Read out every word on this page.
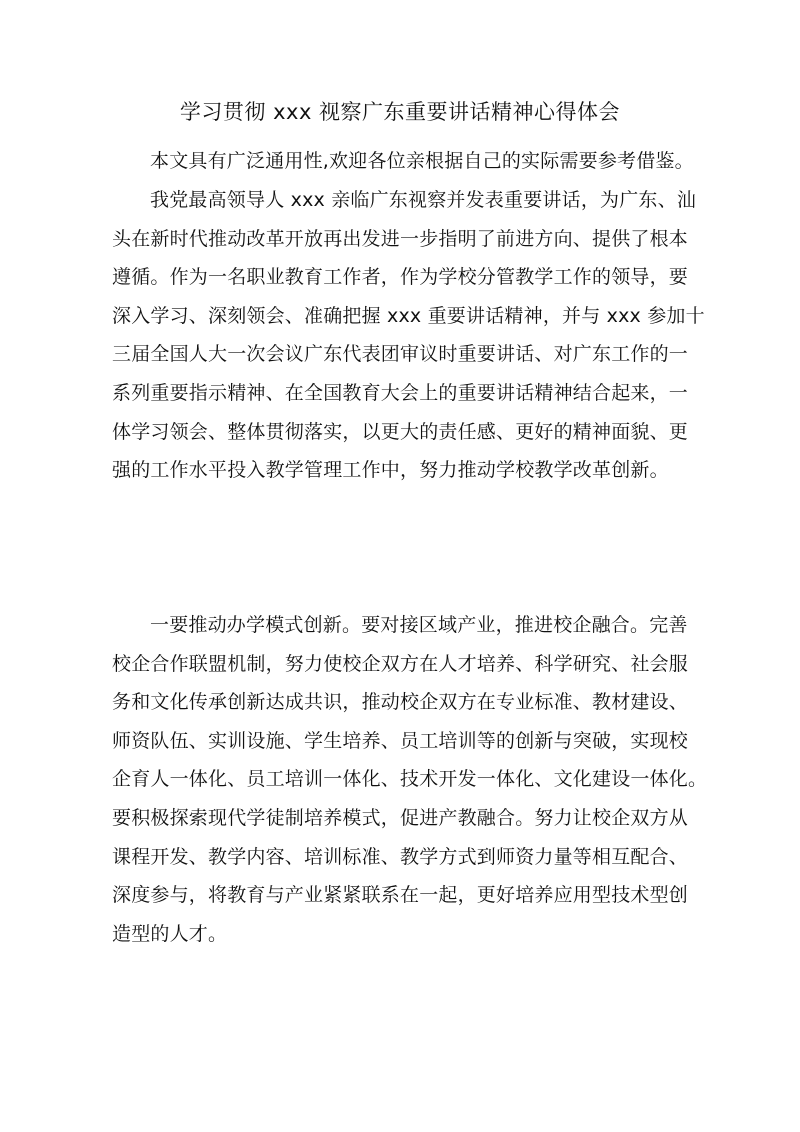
学习贯彻 xxx 视察广东重要讲话精神心得体会

本文具有广泛通用性,欢迎各位亲根据自己的实际需要参考借鉴。

我党最高领导人 xxx 亲临广东视察并发表重要讲话，为广东、汕
头在新时代推动改革开放再出发进一步指明了前进方向、提供了根本
遵循。作为一名职业教育工作者，作为学校分管教学工作的领导，要
深入学习、深刻领会、准确把握 xxx 重要讲话精神，并与 xxx 参加十
三届全国人大一次会议广东代表团审议时重要讲话、对广东工作的一
系列重要指示精神、在全国教育大会上的重要讲话精神结合起来，一
体学习领会、整体贯彻落实，以更大的责任感、更好的精神面貌、更
强的工作水平投入教学管理工作中，努力推动学校教学改革创新。

一要推动办学模式创新。要对接区域产业，推进校企融合。完善
校企合作联盟机制，努力使校企双方在人才培养、科学研究、社会服
务和文化传承创新达成共识，推动校企双方在专业标准、教材建设、
师资队伍、实训设施、学生培养、员工培训等的创新与突破，实现校
企育人一体化、员工培训一体化、技术开发一体化、文化建设一体化。
要积极探索现代学徒制培养模式，促进产教融合。努力让校企双方从
课程开发、教学内容、培训标准、教学方式到师资力量等相互配合、
深度参与，将教育与产业紧紧联系在一起，更好培养应用型技术型创
造型的人才。
